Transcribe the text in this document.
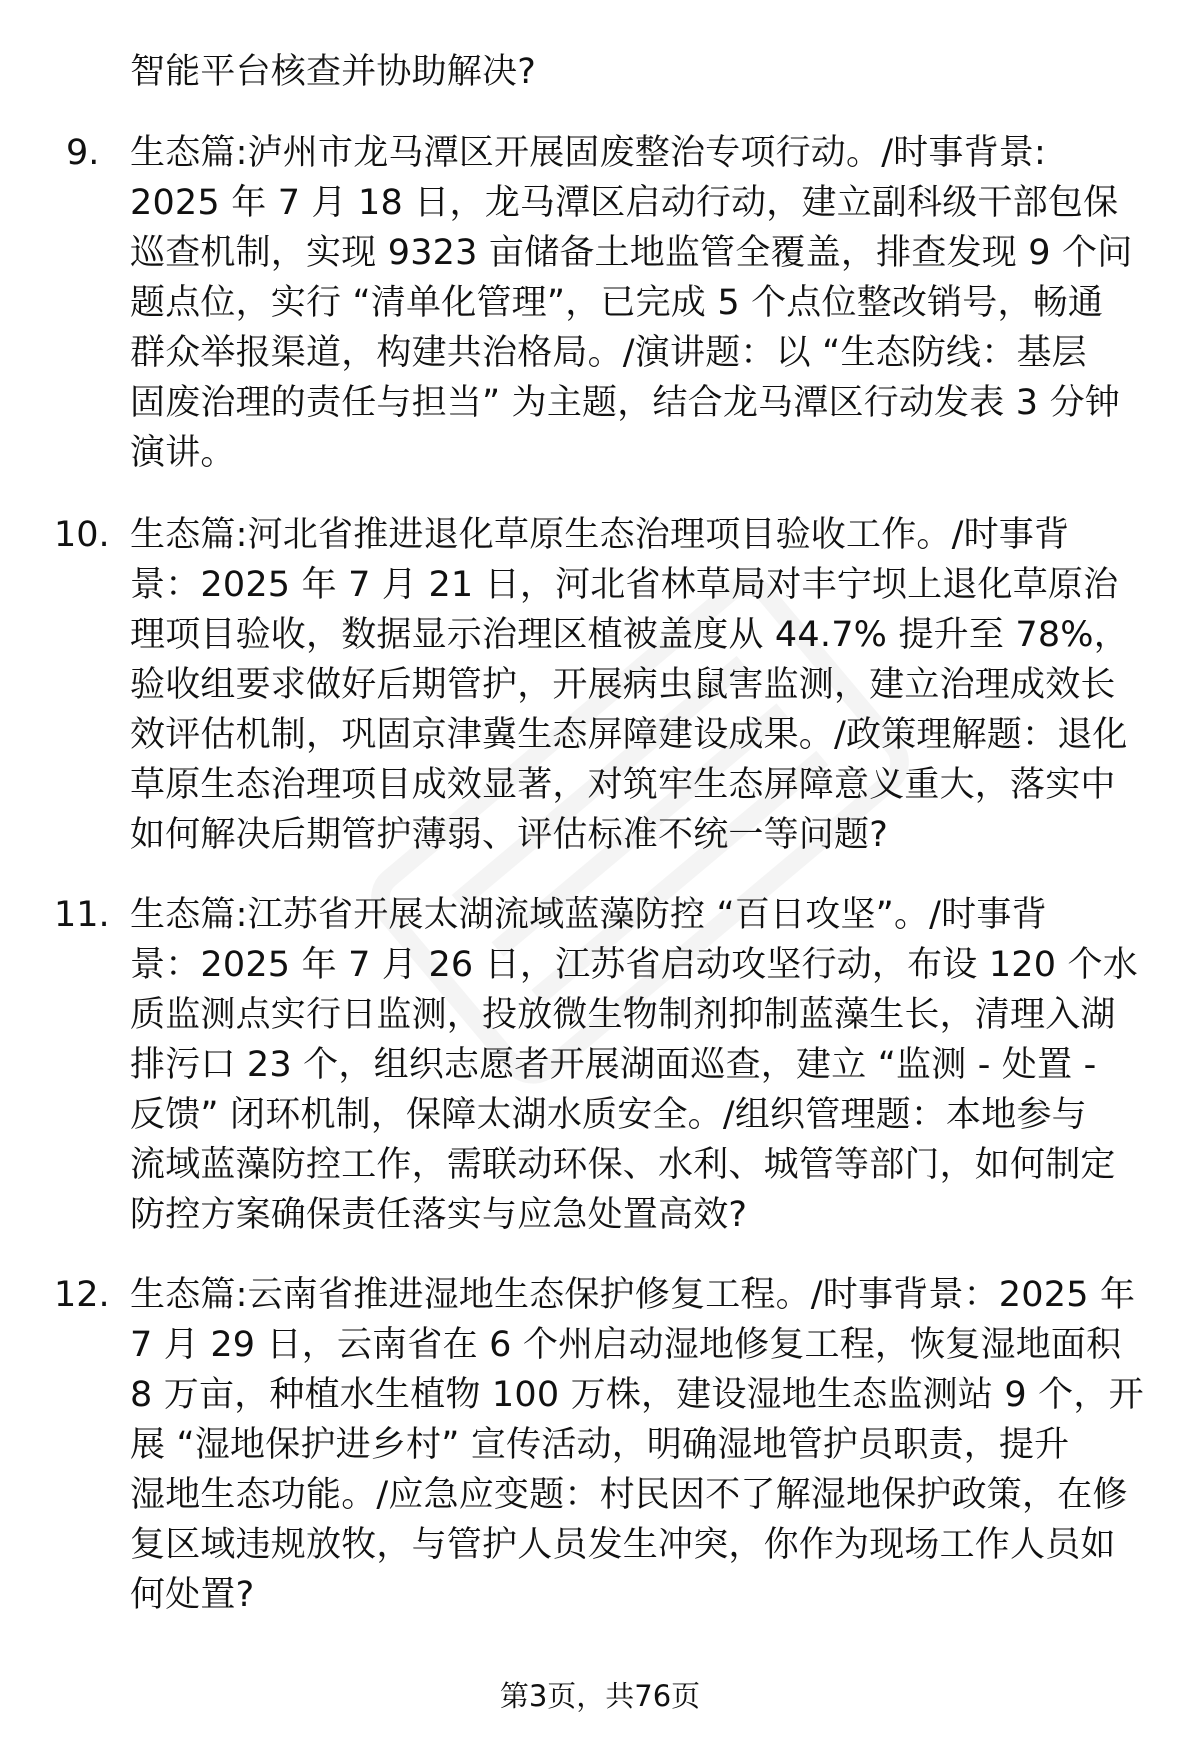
智能平台核查并协助解决?
9. 生态篇:泸州市龙马潭区开展固废整治专项行动。/时事背景:
2025 年 7 月 18 日，龙马潭区启动行动，建立副科级干部包保
巡查机制，实现 9323 亩储备土地监管全覆盖，排查发现 9 个问
题点位，实行 “清单化管理”，已完成 5 个点位整改销号，畅通
群众举报渠道，构建共治格局。/演讲题：以 “生态防线：基层
固废治理的责任与担当” 为主题，结合龙马潭区行动发表 3 分钟
演讲。
10. 生态篇:河北省推进退化草原生态治理项目验收工作。/时事背
景：2025 年 7 月 21 日，河北省林草局对丰宁坝上退化草原治
理项目验收，数据显示治理区植被盖度从 44.7% 提升至 78%，
验收组要求做好后期管护，开展病虫鼠害监测，建立治理成效长
效评估机制，巩固京津冀生态屏障建设成果。/政策理解题：退化
草原生态治理项目成效显著，对筑牢生态屏障意义重大，落实中
如何解决后期管护薄弱、评估标准不统一等问题?
11. 生态篇:江苏省开展太湖流域蓝藻防控 “百日攻坚”。/时事背
景：2025 年 7 月 26 日，江苏省启动攻坚行动，布设 120 个水
质监测点实行日监测，投放微生物制剂抑制蓝藻生长，清理入湖
排污口 23 个，组织志愿者开展湖面巡查，建立 “监测 - 处置 -
反馈” 闭环机制，保障太湖水质安全。/组织管理题：本地参与
流域蓝藻防控工作，需联动环保、水利、城管等部门，如何制定
防控方案确保责任落实与应急处置高效?
12. 生态篇:云南省推进湿地生态保护修复工程。/时事背景：2025 年
7 月 29 日，云南省在 6 个州启动湿地修复工程，恢复湿地面积
8 万亩，种植水生植物 100 万株，建设湿地生态监测站 9 个，开
展 “湿地保护进乡村” 宣传活动，明确湿地管护员职责，提升
湿地生态功能。/应急应变题：村民因不了解湿地保护政策，在修
复区域违规放牧，与管护人员发生冲突，你作为现场工作人员如
何处置?
第3页，共76页
